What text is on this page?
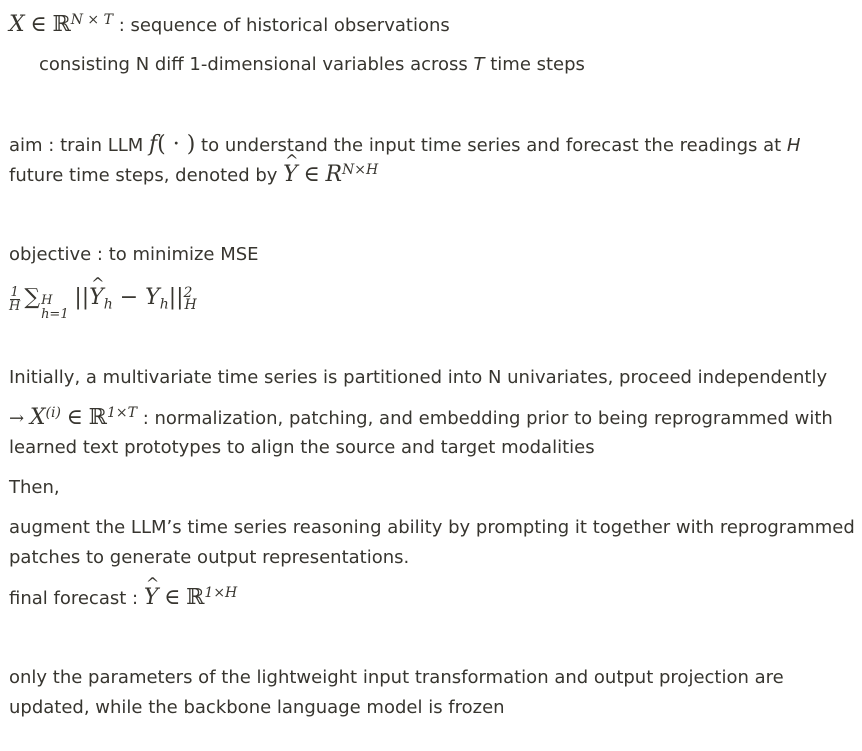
X ∈ ℝ$^{N \times T}$ : sequence of historical observations
consisting N diff 1-dimensional variables across T time steps
aim : train LLM f( · ) to understand the input time series and forecast the readings at H
future time steps, denoted by ^ Y ∈ $R^{N\times H}$
objective : to minimize MSE
$\frac{1}{H}$ ∑ H
h=1
||^ $Y_h - Y_h||^2_H$
Initially, a multivariate time series is partitioned into N univariates, proceed independently
→ $X^{(i)}$ ∈ ℝ$^{1\times T}$ : normalization, patching, and embedding prior to being reprogrammed with
learned text prototypes to align the source and target modalities
Then,
augment the LLM’s time series reasoning ability by prompting it together with reprogrammed
patches to generate output representations.
final forecast : ^ Y ∈ ℝ$^{1\times H}$
only the parameters of the lightweight input transformation and output projection are
updated, while the backbone language model is frozen
